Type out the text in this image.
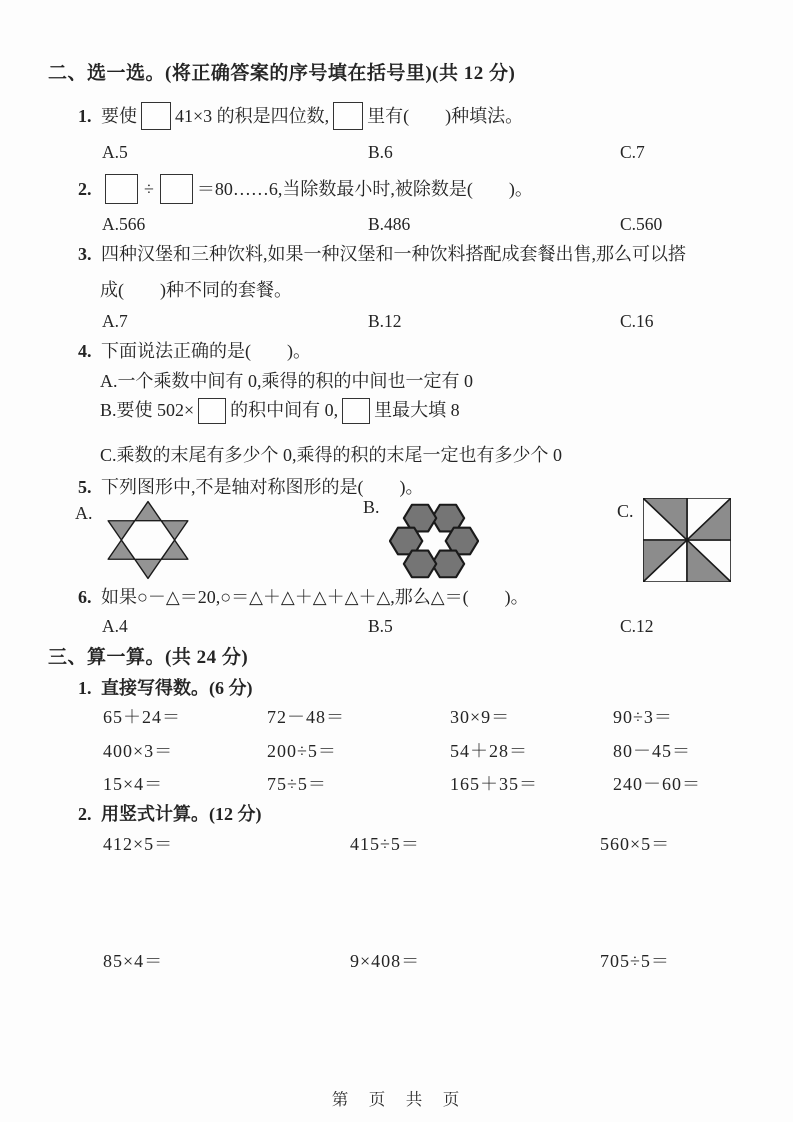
二、选一选。(将正确答案的序号填在括号里)(共 12 分)
1. 要使 41×3 的积是四位数, 里有(　　)种填法。
A.5	B.6	C.7
2.	÷ ＝80……6,当除数最小时,被除数是(　　)。
A.566	B.486	C.560
3. 四种汉堡和三种饮料,如果一种汉堡和一种饮料搭配成套餐出售,那么可以搭
成(　　)种不同的套餐。
A.7	B.12	C.16
4. 下面说法正确的是(　　)。
A.一个乘数中间有 0,乘得的积的中间也一定有 0
B.要使 502× 的积中间有 0, 里最大填 8
C.乘数的末尾有多少个 0,乘得的积的末尾一定也有多少个 0
5. 下列图形中,不是轴对称图形的是(　　)。
A.	B.	C.
6. 如果○－△＝20,○＝△＋△＋△＋△＋△,那么△＝(　　)。
A.4	B.5	C.12
三、算一算。(共 24 分)
1. 直接写得数。(6 分)
65＋24＝	72－48＝	30×9＝	90÷3＝
400×3＝	200÷5＝	54＋28＝	80－45＝
15×4＝	75÷5＝	165＋35＝	240－60＝
2. 用竖式计算。(12 分)
412×5＝	415÷5＝	560×5＝
85×4＝	9×408＝	705÷5＝
第　页　共　页
